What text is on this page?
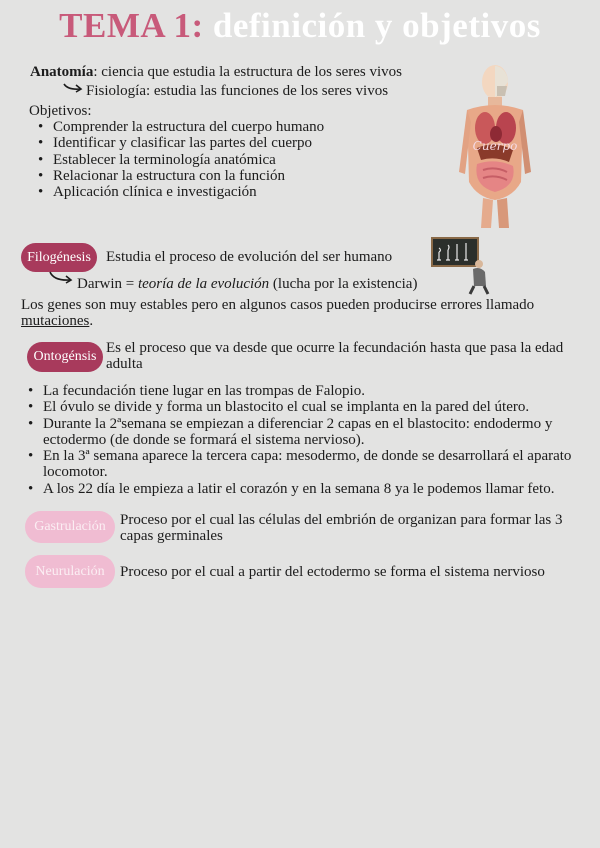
TEMA 1: definición y objetivos
Anatomía: ciencia que estudia la estructura de los seres vivos
Fisiología: estudia las funciones de los seres vivos
Objetivos:
• Comprender la estructura del cuerpo humano
• Identificar y clasificar las partes del cuerpo
• Establecer la terminología anatómica
• Relacionar la estructura con la función
• Aplicación clínica e investigación
Cuerpo
Filogénesis	Estudia el proceso de evolución del ser humano
Darwin = teoría de la evolución (lucha por la existencia)
Los genes son muy estables pero en algunos casos pueden producirse errores llamado
mutaciones.
Ontogénsis
Es el proceso que va desde que ocurre la fecundación hasta que pasa la edad adulta
• La fecundación tiene lugar en las trompas de Falopio.
• El óvulo se divide y forma un blastocito el cual se implanta en la pared del útero.
• Durante la 2ªsemana se empiezan a diferenciar 2 capas en el blastocito: endodermo y ectodermo (de donde se formará el sistema nervioso).
• En la 3ª semana aparece la tercera capa: mesodermo, de donde se desarrollará el aparato locomotor.
• A los 22 día le empieza a latir el corazón y en la semana 8 ya le podemos llamar feto.
Gastrulación Proceso por el cual las células del embrión de organizan para formar las 3 capas germinales
Neurulación	Proceso por el cual a partir del ectodermo se forma el sistema nervioso
